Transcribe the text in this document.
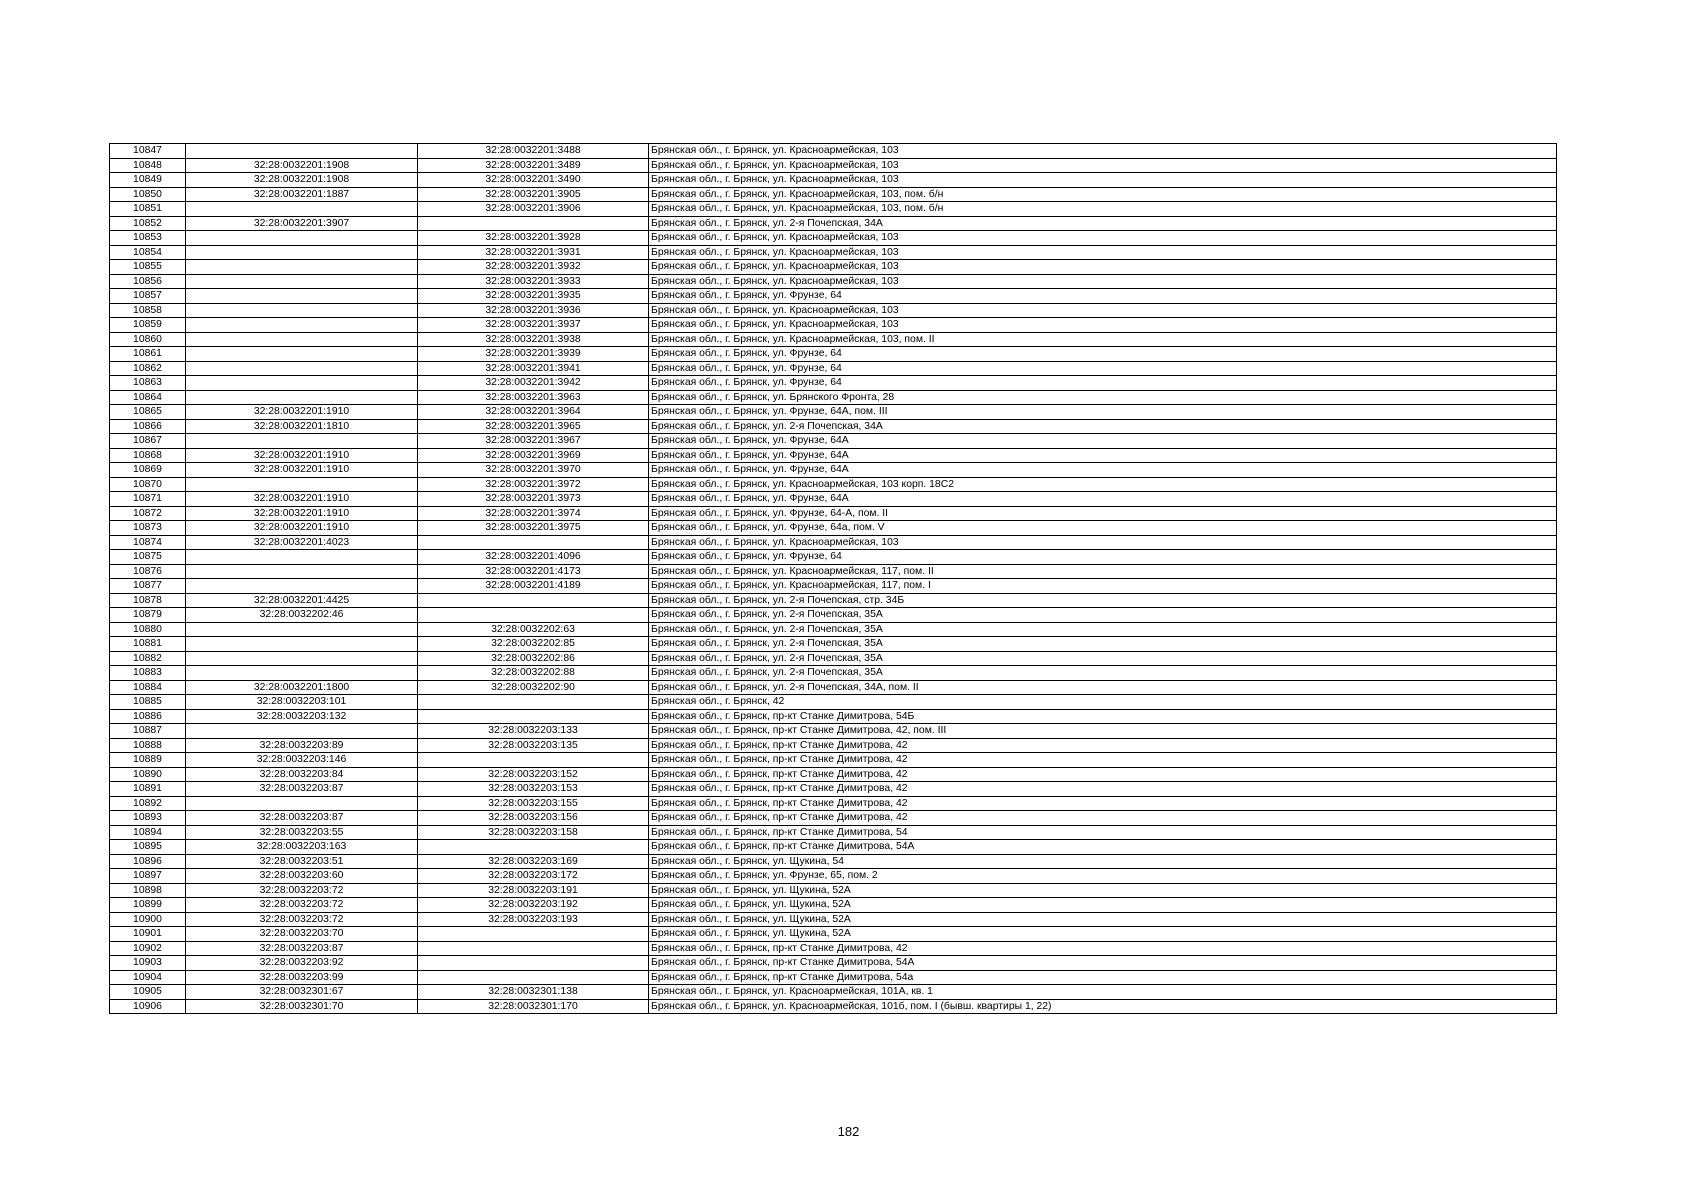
10847		32:28:0032201:3488	Брянская обл., г. Брянск, ул. Красноармейская, 103
10848	32:28:0032201:1908	32:28:0032201:3489	Брянская обл., г. Брянск, ул. Красноармейская, 103
10849	32:28:0032201:1908	32:28:0032201:3490	Брянская обл., г. Брянск, ул. Красноармейская, 103
10850	32:28:0032201:1887	32:28:0032201:3905	Брянская обл., г. Брянск, ул. Красноармейская, 103, пом. б/н
10851		32:28:0032201:3906	Брянская обл., г. Брянск, ул. Красноармейская, 103, пом. б/н
10852	32:28:0032201:3907		Брянская обл., г. Брянск, ул. 2-я Почепская, 34А
10853		32:28:0032201:3928	Брянская обл., г. Брянск, ул. Красноармейская, 103
10854		32:28:0032201:3931	Брянская обл., г. Брянск, ул. Красноармейская, 103
10855		32:28:0032201:3932	Брянская обл., г. Брянск, ул. Красноармейская, 103
10856		32:28:0032201:3933	Брянская обл., г. Брянск, ул. Красноармейская, 103
10857		32:28:0032201:3935	Брянская обл., г. Брянск, ул. Фрунзе, 64
10858		32:28:0032201:3936	Брянская обл., г. Брянск, ул. Красноармейская, 103
10859		32:28:0032201:3937	Брянская обл., г. Брянск, ул. Красноармейская, 103
10860		32:28:0032201:3938	Брянская обл., г. Брянск, ул. Красноармейская, 103, пом. II
10861		32:28:0032201:3939	Брянская обл., г. Брянск, ул. Фрунзе, 64
10862		32:28:0032201:3941	Брянская обл., г. Брянск, ул. Фрунзе, 64
10863		32:28:0032201:3942	Брянская обл., г. Брянск, ул. Фрунзе, 64
10864		32:28:0032201:3963	Брянская обл., г. Брянск, ул. Брянского Фронта, 28
10865	32:28:0032201:1910	32:28:0032201:3964	Брянская обл., г. Брянск, ул. Фрунзе, 64А, пом. III
10866	32:28:0032201:1810	32:28:0032201:3965	Брянская обл., г. Брянск, ул. 2-я Почепская, 34А
10867		32:28:0032201:3967	Брянская обл., г. Брянск, ул. Фрунзе, 64А
10868	32:28:0032201:1910	32:28:0032201:3969	Брянская обл., г. Брянск, ул. Фрунзе, 64А
10869	32:28:0032201:1910	32:28:0032201:3970	Брянская обл., г. Брянск, ул. Фрунзе, 64А
10870		32:28:0032201:3972	Брянская обл., г. Брянск, ул. Красноармейская, 103 корп. 18С2
10871	32:28:0032201:1910	32:28:0032201:3973	Брянская обл., г. Брянск, ул. Фрунзе, 64А
10872	32:28:0032201:1910	32:28:0032201:3974	Брянская обл., г. Брянск, ул. Фрунзе, 64-А, пом. II
10873	32:28:0032201:1910	32:28:0032201:3975	Брянская обл., г. Брянск, ул. Фрунзе, 64а, пом. V
10874	32:28:0032201:4023		Брянская обл., г. Брянск, ул. Красноармейская, 103
10875		32:28:0032201:4096	Брянская обл., г. Брянск, ул. Фрунзе, 64
10876		32:28:0032201:4173	Брянская обл., г. Брянск, ул. Красноармейская, 117, пом. II
10877		32:28:0032201:4189	Брянская обл., г. Брянск, ул. Красноармейская, 117, пом. I
10878	32:28:0032201:4425		Брянская обл., г. Брянск, ул. 2-я Почепская, стр. 34Б
10879	32:28:0032202:46		Брянская обл., г. Брянск, ул. 2-я Почепская, 35А
10880		32:28:0032202:63	Брянская обл., г. Брянск, ул. 2-я Почепская, 35А
10881		32:28:0032202:85	Брянская обл., г. Брянск, ул. 2-я Почепская, 35А
10882		32:28:0032202:86	Брянская обл., г. Брянск, ул. 2-я Почепская, 35А
10883		32:28:0032202:88	Брянская обл., г. Брянск, ул. 2-я Почепская, 35А
10884	32:28:0032201:1800	32:28:0032202:90	Брянская обл., г. Брянск, ул. 2-я Почепская, 34А, пом. II
10885	32:28:0032203:101		Брянская обл., г. Брянск, 42
10886	32:28:0032203:132		Брянская обл., г. Брянск, пр-кт Станке Димитрова, 54Б
10887		32:28:0032203:133	Брянская обл., г. Брянск, пр-кт Станке Димитрова, 42, пом. III
10888	32:28:0032203:89	32:28:0032203:135	Брянская обл., г. Брянск, пр-кт Станке Димитрова, 42
10889	32:28:0032203:146		Брянская обл., г. Брянск, пр-кт Станке Димитрова, 42
10890	32:28:0032203:84	32:28:0032203:152	Брянская обл., г. Брянск, пр-кт Станке Димитрова, 42
10891	32:28:0032203:87	32:28:0032203:153	Брянская обл., г. Брянск, пр-кт Станке Димитрова, 42
10892		32:28:0032203:155	Брянская обл., г. Брянск, пр-кт Станке Димитрова, 42
10893	32:28:0032203:87	32:28:0032203:156	Брянская обл., г. Брянск, пр-кт Станке Димитрова, 42
10894	32:28:0032203:55	32:28:0032203:158	Брянская обл., г. Брянск, пр-кт Станке Димитрова, 54
10895	32:28:0032203:163		Брянская обл., г. Брянск, пр-кт Станке Димитрова, 54А
10896	32:28:0032203:51	32:28:0032203:169	Брянская обл., г. Брянск, ул. Щукина, 54
10897	32:28:0032203:60	32:28:0032203:172	Брянская обл., г. Брянск, ул. Фрунзе, 65, пом. 2
10898	32:28:0032203:72	32:28:0032203:191	Брянская обл., г. Брянск, ул. Щукина, 52А
10899	32:28:0032203:72	32:28:0032203:192	Брянская обл., г. Брянск, ул. Щукина, 52А
10900	32:28:0032203:72	32:28:0032203:193	Брянская обл., г. Брянск, ул. Щукина, 52А
10901	32:28:0032203:70		Брянская обл., г. Брянск, ул. Щукина, 52А
10902	32:28:0032203:87		Брянская обл., г. Брянск, пр-кт Станке Димитрова, 42
10903	32:28:0032203:92		Брянская обл., г. Брянск, пр-кт Станке Димитрова, 54А
10904	32:28:0032203:99		Брянская обл., г. Брянск, пр-кт Станке Димитрова, 54а
10905	32:28:0032301:67	32:28:0032301:138	Брянская обл., г. Брянск, ул. Красноармейская, 101А, кв. 1
10906	32:28:0032301:70	32:28:0032301:170	Брянская обл., г. Брянск, ул. Красноармейская, 101б, пом. I (бывш. квартиры 1, 22)
182
